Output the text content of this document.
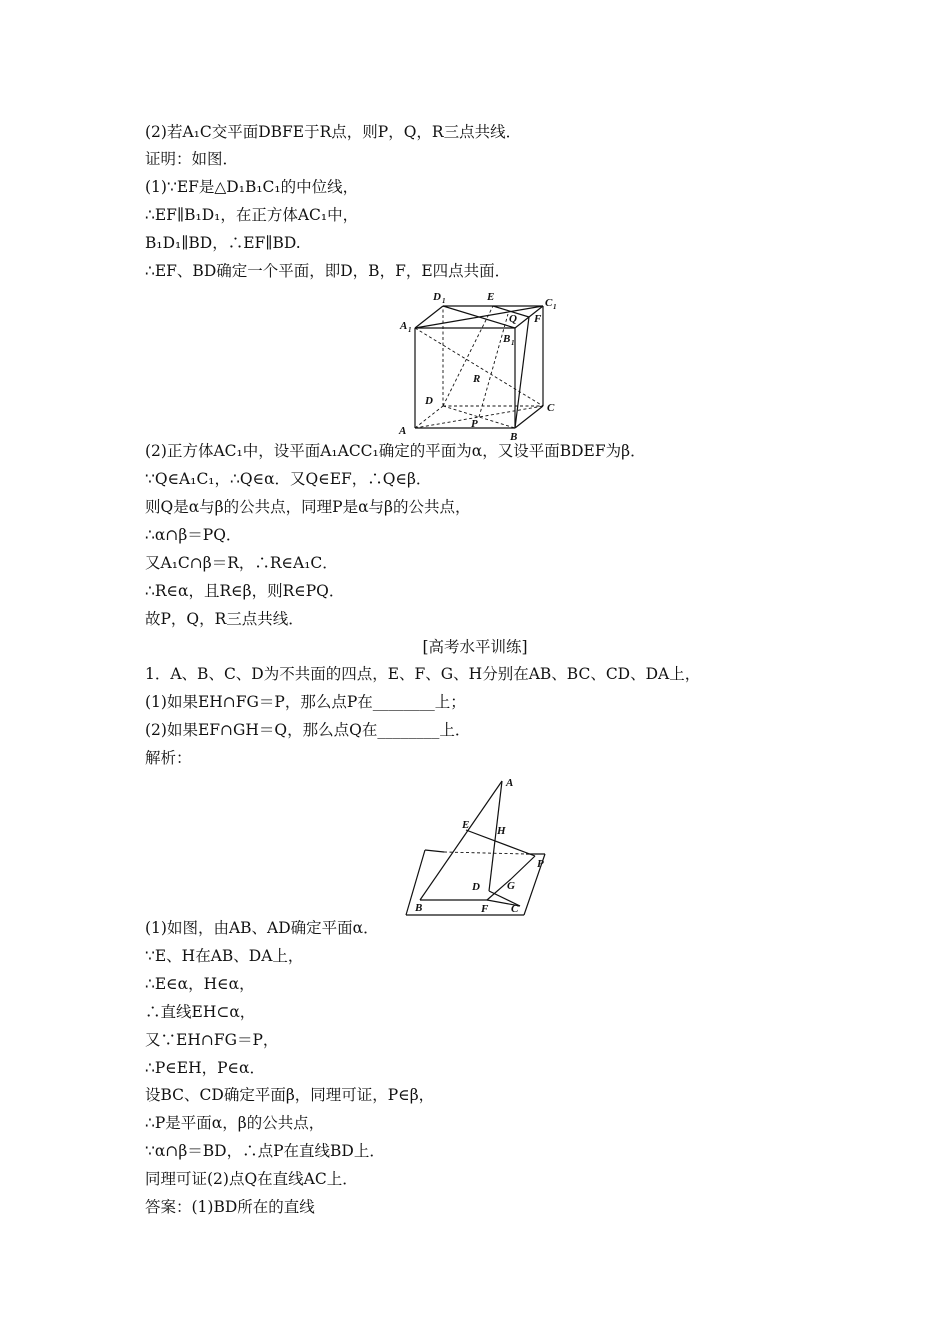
(2)若A₁C交平面DBFE于R点，则P，Q，R三点共线．
证明：如图．
(1)∵EF是△D₁B₁C₁的中位线，
∴EF∥B₁D₁，在正方体AC₁中，
B₁D₁∥BD，∴EF∥BD.
∴EF、BD确定一个平面，即D，B，F，E四点共面．
D 1	E	C 1
A 1
Q F
B 1
R
D
C
A
P
B
(2)正方体AC₁中，设平面A₁ACC₁确定的平面为α，又设平面BDEF为β．
∵Q∈A₁C₁，∴Q∈α．又Q∈EF，∴Q∈β．
则Q是α与β的公共点，同理P是α与β的公共点，
∴α∩β＝PQ．
又A₁C∩β＝R，∴R∈A₁C．
∴R∈α，且R∈β，则R∈PQ．
故P，Q，R三点共线．
[高考水平训练]
1．A、B、C、D为不共面的四点，E、F、G、H分别在AB、BC、CD、DA上，
(1)如果EH∩FG＝P，那么点P在________上；
(2)如果EF∩GH＝Q，那么点Q在________上．
解析：
A
E	H
P
D G
B	F C
(1)如图，由AB、AD确定平面α．
∵E、H在AB、DA上，
∴E∈α，H∈α，
∴直线EH⊂α，
又∵EH∩FG＝P，
∴P∈EH，P∈α．
设BC、CD确定平面β，同理可证，P∈β，
∴P是平面α，β的公共点，
∵α∩β＝BD，∴点P在直线BD上．
同理可证(2)点Q在直线AC上．
答案：(1)BD所在的直线
